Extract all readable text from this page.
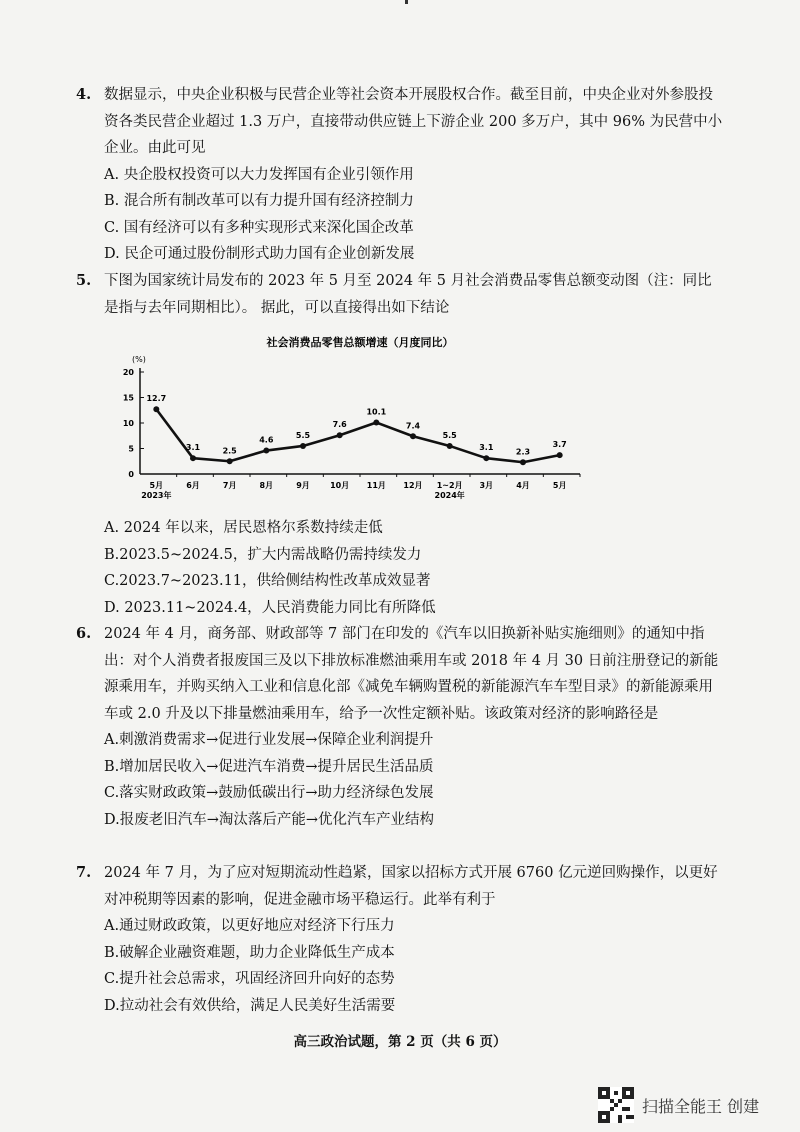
4. 数据显示，中央企业积极与民营企业等社会资本开展股权合作。截至目前，中央企业对外参股投资各类民营企业超过 1.3 万户，直接带动供应链上下游企业 200 多万户，其中 96% 为民营中小企业。由此可见
A. 央企股权投资可以大力发挥国有企业引领作用
B. 混合所有制改革可以有力提升国有经济控制力
C. 国有经济可以有多种实现形式来深化国企改革
D. 民企可通过股份制形式助力国有企业创新发展
5. 下图为国家统计局发布的 2023 年 5 月至 2024 年 5 月社会消费品零售总额变动图（注：同比是指与去年同期相比）。 据此，可以直接得出如下结论
社会消费品零售总额增速（月度同比）
(%)
0
5
10
15
20
5月	6月	7月	8月	9月	10月 11月 12月 1~2月 3月	4月	5月
2023年	2024年
12.7
3.1	2.5
4.6
5.5
7.6
10.1
7.4
5.5
3.1	2.3
3.7
A. 2024 年以来，居民恩格尔系数持续走低
B.2023.5~2024.5，扩大内需战略仍需持续发力
C.2023.7~2023.11，供给侧结构性改革成效显著
D. 2023.11~2024.4，人民消费能力同比有所降低
6. 2024 年 4 月，商务部、财政部等 7 部门在印发的《汽车以旧换新补贴实施细则》的通知中指出：对个人消费者报废国三及以下排放标准燃油乘用车或 2018 年 4 月 30 日前注册登记的新能源乘用车，并购买纳入工业和信息化部《减免车辆购置税的新能源汽车车型目录》的新能源乘用车或 2.0 升及以下排量燃油乘用车，给予一次性定额补贴。该政策对经济的影响路径是
A.刺激消费需求→促进行业发展→保障企业利润提升
B.增加居民收入→促进汽车消费→提升居民生活品质
C.落实财政政策→鼓励低碳出行→助力经济绿色发展
D.报废老旧汽车→淘汰落后产能→优化汽车产业结构
7. 2024 年 7 月，为了应对短期流动性趋紧，国家以招标方式开展 6760 亿元逆回购操作，以更好对冲税期等因素的影响，促进金融市场平稳运行。此举有利于
A.通过财政政策，以更好地应对经济下行压力
B.破解企业融资难题，助力企业降低生产成本
C.提升社会总需求，巩固经济回升向好的态势
D.拉动社会有效供给，满足人民美好生活需要
高三政治试题，第 2 页（共 6 页）
扫描全能王 创建
